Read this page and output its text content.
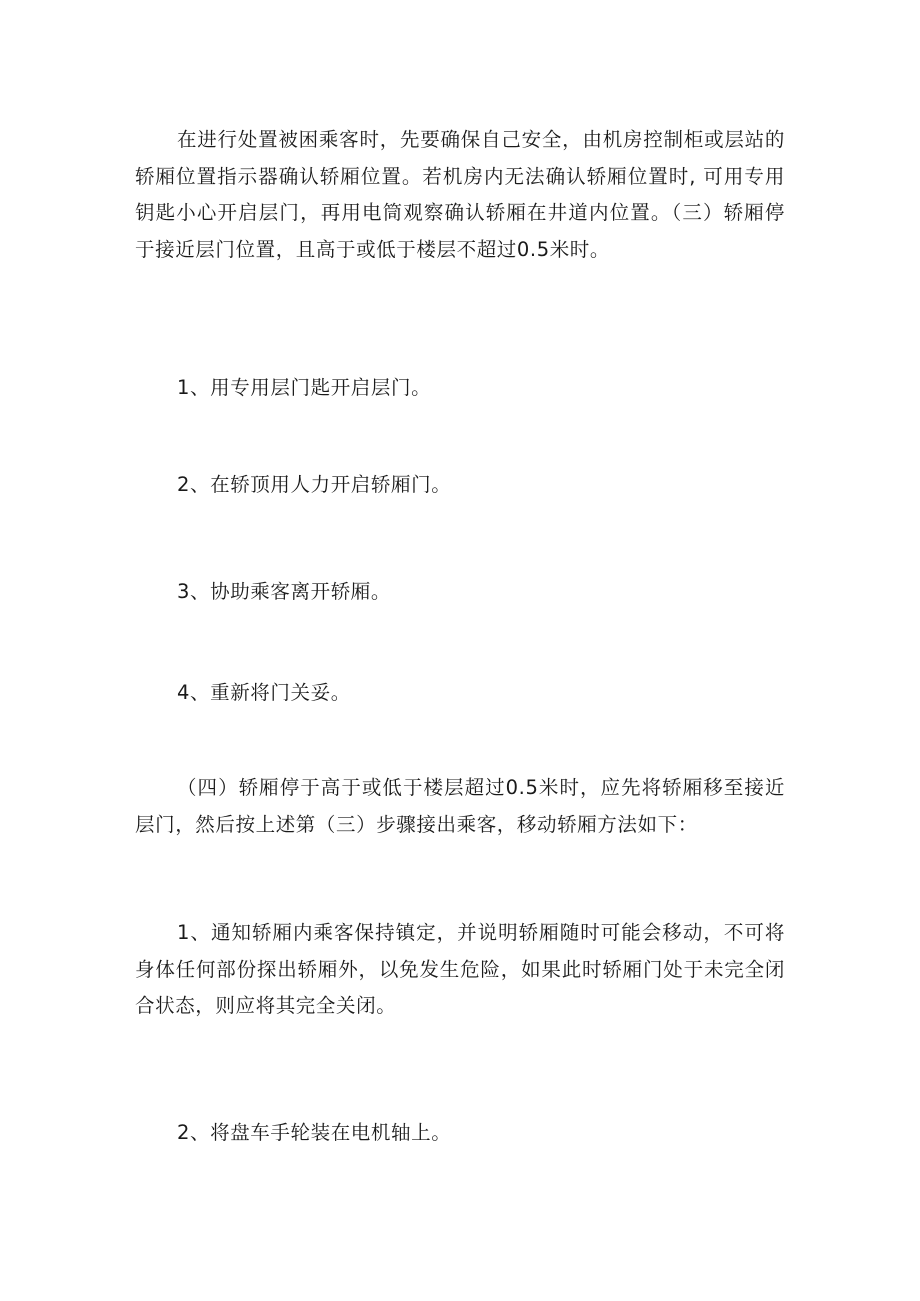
在进行处置被困乘客时，先要确保自己安全，由机房控制柜或层站的轿厢位置指示器确认轿厢位置。若机房内无法确认轿厢位置时, 可用专用钥匙小心开启层门，再用电筒观察确认轿厢在井道内位置。（三）轿厢停于接近层门位置，且高于或低于楼层不超过0.5米时。

1、用专用层门匙开启层门。

2、在轿顶用人力开启轿厢门。

3、协助乘客离开轿厢。

4、重新将门关妥。

（四）轿厢停于高于或低于楼层超过0.5米时，应先将轿厢移至接近层门，然后按上述第（三）步骤接出乘客，移动轿厢方法如下：

1、通知轿厢内乘客保持镇定，并说明轿厢随时可能会移动，不可将身体任何部份探出轿厢外，以免发生危险，如果此时轿厢门处于未完全闭合状态，则应将其完全关闭。

2、将盘车手轮装在电机轴上。
